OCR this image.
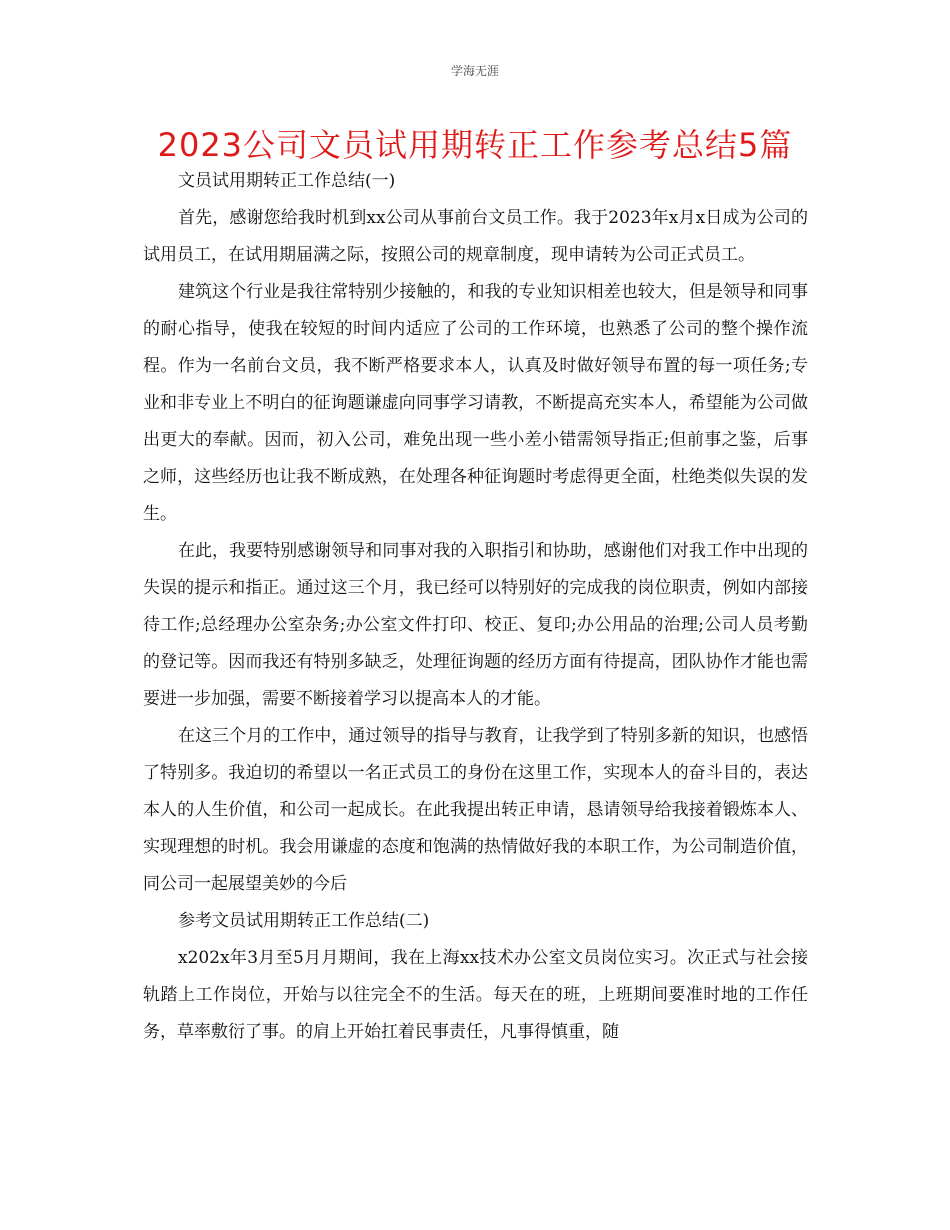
学海无涯
2023公司文员试用期转正工作参考总结5篇

文员试用期转正工作总结(一)

首先，感谢您给我时机到xx公司从事前台文员工作。我于2023年x月x日成为公司的试用员工，在试用期届满之际，按照公司的规章制度，现申请转为公司正式员工。

建筑这个行业是我往常特别少接触的，和我的专业知识相差也较大，但是领导和同事的耐心指导，使我在较短的时间内适应了公司的工作环境，也熟悉了公司的整个操作流程。作为一名前台文员，我不断严格要求本人，认真及时做好领导布置的每一项任务;专业和非专业上不明白的征询题谦虚向同事学习请教，不断提高充实本人，希望能为公司做出更大的奉献。因而，初入公司，难免出现一些小差小错需领导指正;但前事之鉴，后事之师，这些经历也让我不断成熟，在处理各种征询题时考虑得更全面，杜绝类似失误的发生。

在此，我要特别感谢领导和同事对我的入职指引和协助，感谢他们对我工作中出现的失误的提示和指正。通过这三个月，我已经可以特别好的完成我的岗位职责，例如内部接待工作;总经理办公室杂务;办公室文件打印、校正、复印;办公用品的治理;公司人员考勤的登记等。因而我还有特别多缺乏，处理征询题的经历方面有待提高，团队协作才能也需要进一步加强，需要不断接着学习以提高本人的才能。

在这三个月的工作中，通过领导的指导与教育，让我学到了特别多新的知识，也感悟了特别多。我迫切的希望以一名正式员工的身份在这里工作，实现本人的奋斗目的，表达本人的人生价值，和公司一起成长。在此我提出转正申请，恳请领导给我接着锻炼本人、实现理想的时机。我会用谦虚的态度和饱满的热情做好我的本职工作，为公司制造价值，同公司一起展望美妙的今后

参考文员试用期转正工作总结(二)

x202x年3月至5月月期间，我在上海xx技术办公室文员岗位实习。次正式与社会接轨踏上工作岗位，开始与以往完全不的生活。每天在的班，上班期间要准时地的工作任务，草率敷衍了事。的肩上开始扛着民事责任，凡事得慎重，随
